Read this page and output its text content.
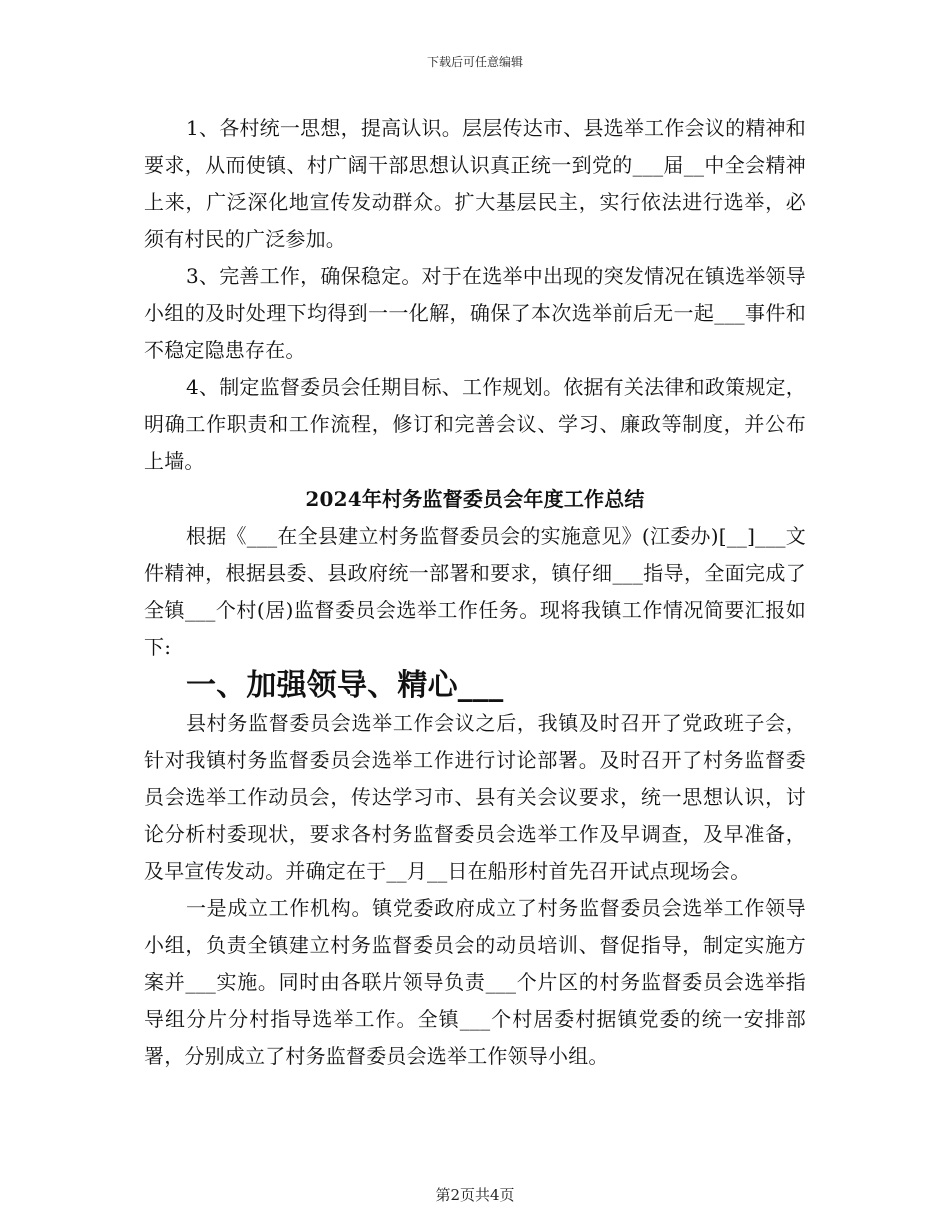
下载后可任意编辑

1、各村统一思想，提高认识。层层传达市、县选举工作会议的精神和要求，从而使镇、村广阔干部思想认识真正统一到党的___届__中全会精神上来，广泛深化地宣传发动群众。扩大基层民主，实行依法进行选举，必须有村民的广泛参加。

3、完善工作，确保稳定。对于在选举中出现的突发情况在镇选举领导小组的及时处理下均得到一一化解，确保了本次选举前后无一起___事件和不稳定隐患存在。

4、制定监督委员会任期目标、工作规划。依据有关法律和政策规定，明确工作职责和工作流程，修订和完善会议、学习、廉政等制度，并公布上墙。

2024年村务监督委员会年度工作总结

根据《___在全县建立村务监督委员会的实施意见》(江委办)[__]___文件精神，根据县委、县政府统一部署和要求，镇仔细___指导，全面完成了全镇___个村(居)监督委员会选举工作任务。现将我镇工作情况简要汇报如下:

一、加强领导、精心___

县村务监督委员会选举工作会议之后，我镇及时召开了党政班子会，针对我镇村务监督委员会选举工作进行讨论部署。及时召开了村务监督委员会选举工作动员会，传达学习市、县有关会议要求，统一思想认识，讨论分析村委现状，要求各村务监督委员会选举工作及早调查，及早准备，及早宣传发动。并确定在于__月__日在船形村首先召开试点现场会。

一是成立工作机构。镇党委政府成立了村务监督委员会选举工作领导小组，负责全镇建立村务监督委员会的动员培训、督促指导，制定实施方案并___实施。同时由各联片领导负责___个片区的村务监督委员会选举指导组分片分村指导选举工作。全镇___个村居委村据镇党委的统一安排部署，分别成立了村务监督委员会选举工作领导小组。

第2页共4页
